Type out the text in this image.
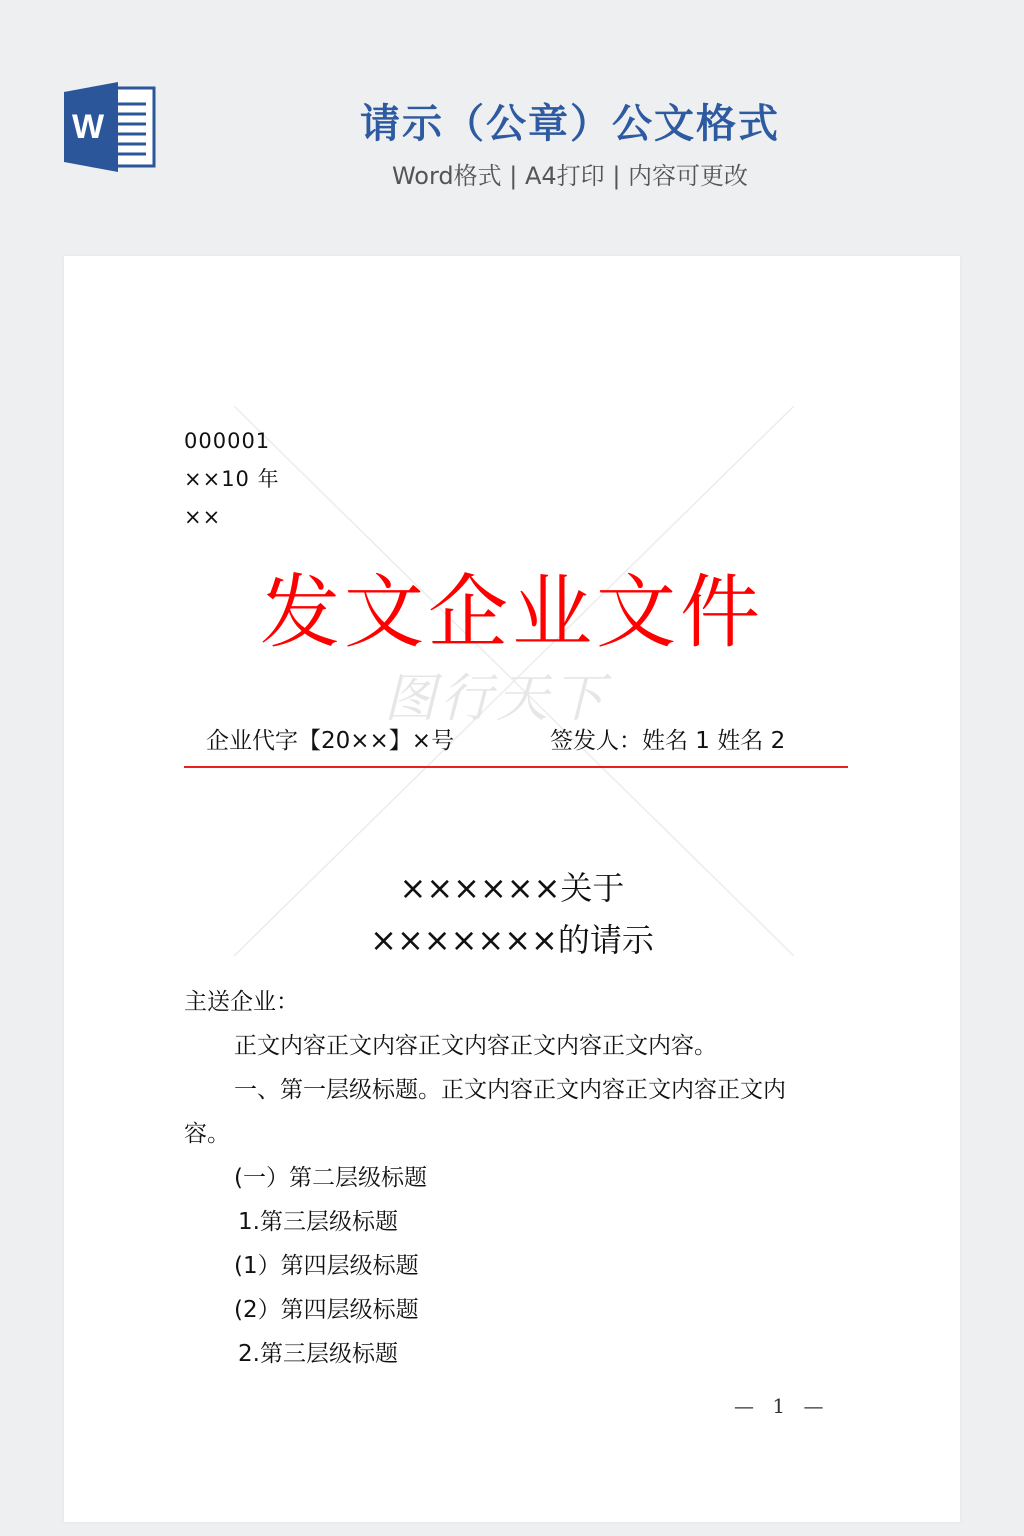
W	请示（公章）公文格式
Word格式 | A4打印 | 内容可更改
图行天下
000001
××10 年
××
发文企业文件
企业代字【20××】×号	签发人：姓名 1 姓名 2
××××××关于
×××××××的请示
主送企业：
正文内容正文内容正文内容正文内容正文内容。
一、第一层级标题。正文内容正文内容正文内容正文内
容。
(一）第二层级标题
1.第三层级标题
(1）第四层级标题
(2）第四层级标题
2.第三层级标题
— 1 —
